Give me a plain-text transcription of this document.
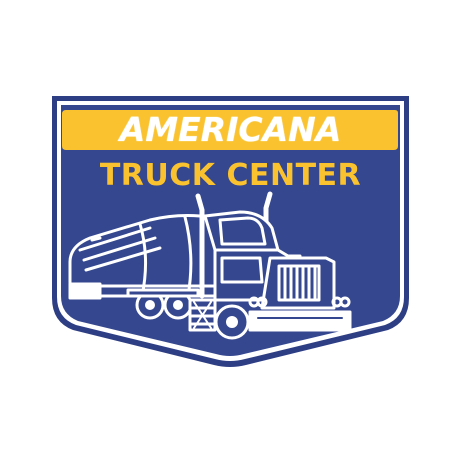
AMERICANA
TRUCK CENTER
